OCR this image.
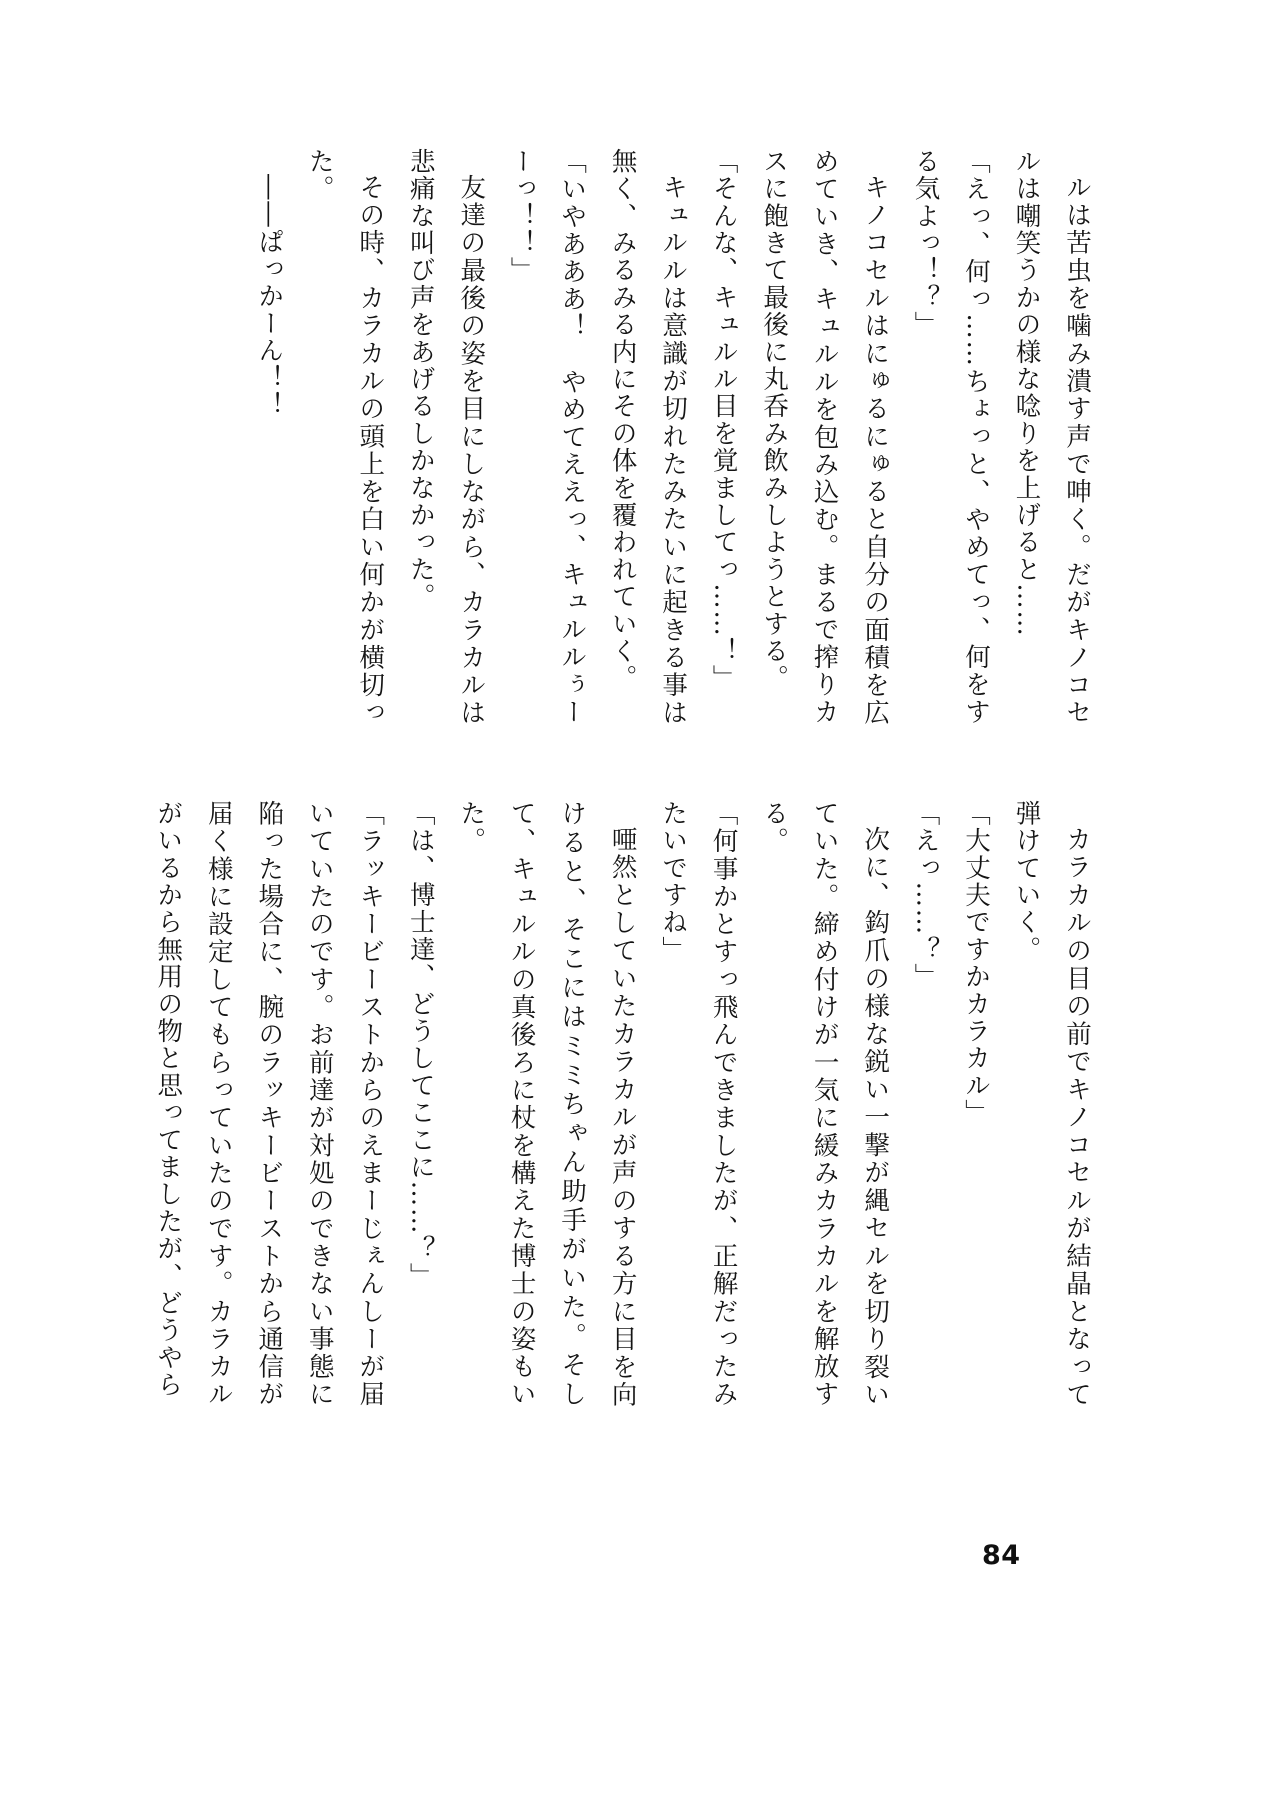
ルは苦虫を噛み潰す声で呻く。だがキノコセルは嘲笑うかの様な唸りを上げると……

「えっ、何っ……ちょっと、やめてっ、何をする気よっ！？」

キノコセルはにゅるにゅると自分の面積を広めていき、キュルルを包み込む。まるで搾りカスに飽きて最後に丸呑み飲みしようとする。

「そんな、キュルル目を覚ましてっ……！」

キュルルは意識が切れたみたいに起きる事は無く、みるみる内にその体を覆われていく。

「いやあああ！　やめてええっ、キュルルぅーーっ！！」

友達の最後の姿を目にしながら、カラカルは悲痛な叫び声をあげるしかなかった。

その時、カラカルの頭上を白い何かが横切った。

――ぱっかーん！！

カラカルの目の前でキノコセルが結晶となって弾けていく。

「大丈夫ですかカラカル」

「えっ……？」

次に、鈎爪の様な鋭い一撃が縄セルを切り裂いていた。締め付けが一気に緩みカラカルを解放する。

「何事かとすっ飛んできましたが、正解だったみたいですね」

唖然としていたカラカルが声のする方に目を向けると、そこにはミミちゃん助手がいた。そして、キュルルの真後ろに杖を構えた博士の姿もいた。

「は、博士達、どうしてここに……？」

「ラッキービーストからのえまーじぇんしーが届いていたのです。お前達が対処のできない事態に陥った場合に、腕のラッキービーストから通信が届く様に設定してもらっていたのです。カラカルがいるから無用の物と思ってましたが、どうやら

84
